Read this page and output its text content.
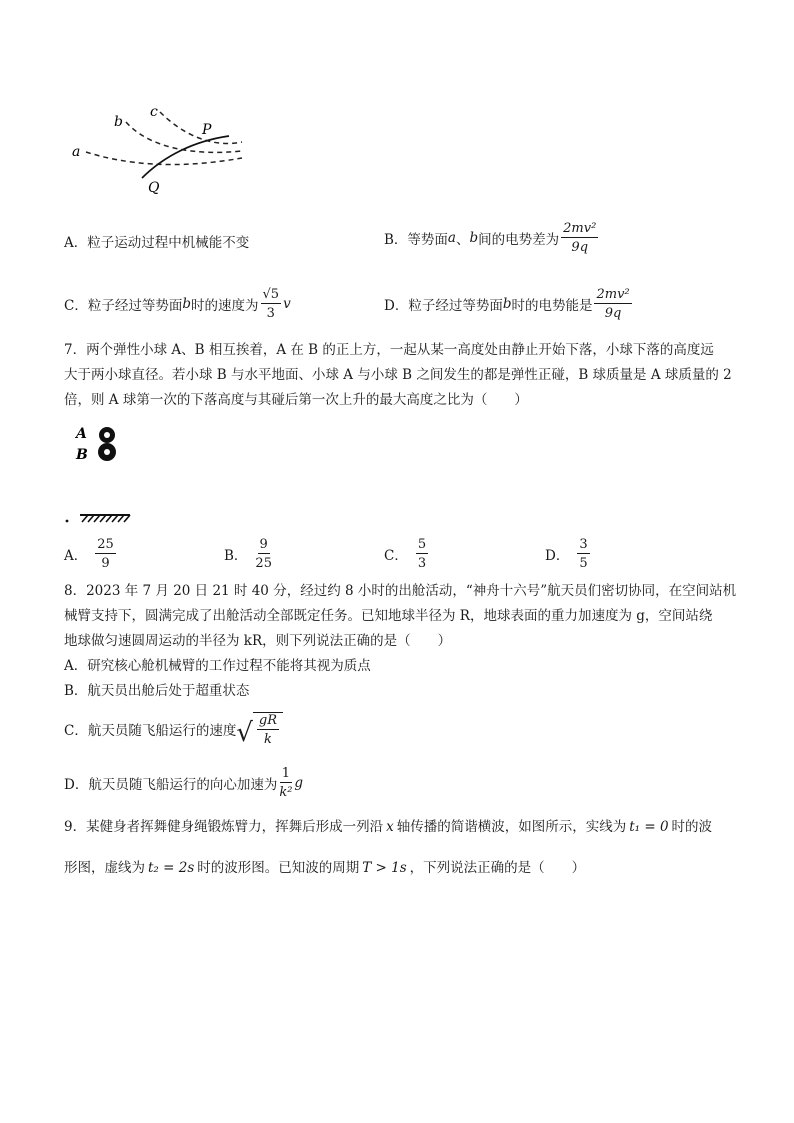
a
b
c
P
Q
A．粒子运动过程中机械能不变	B． 等势面 a 、 b 间的电势差为 $\frac{\text{2mv²}}{9q}$
C． 粒子经过等势面 b 时的速度为 $\frac{√5}{3}$ v	D． 粒子经过等势面 b 时的电势能是 $\frac{\text{2mv²}}{9q}$
7．两个弹性小球 A、B 相互挨着，A 在 B 的正上方，一起从某一高度处由静止开始下落，小球下落的高度远
大于两小球直径。若小球 B 与水平地面、小球 A 与小球 B 之间发生的都是弹性正碰，B 球质量是 A 球质量的 2
倍，则 A 球第一次的下落高度与其碰后第一次上升的最大高度之比为（　　）
A
B
A． $\frac{25}{9}$	B． $\frac{9}{25}$	C． $\frac{5}{3}$	D． $\frac{3}{5}$
8．2023 年 7 月 20 日 21 时 40 分，经过约 8 小时的出舱活动，“神舟十六号”航天员们密切协同，在空间站机
械臂支持下，圆满完成了出舱活动全部既定任务。已知地球半径为 R，地球表面的重力加速度为 g，空间站绕
地球做匀速圆周运动的半径为 kR，则下列说法正确的是（　　）
A．研究核心舱机械臂的工作过程不能将其视为质点
B．航天员出舱后处于超重状态
C．航天员随飞船运行的速度 √ $\frac{gR}{k}$
D．航天员随飞船运行的向心加速为 $\frac{1}{\text{k²}}$ g
9．某健身者挥舞健身绳锻炼臂力，挥舞后形成一列沿 x 轴传播的简谐横波，如图所示，实线为 t₁ = 0 时的波
形图，虚线为 t₂ = 2s 时的波形图。已知波的周期 T > 1s ，下列说法正确的是（　　）
